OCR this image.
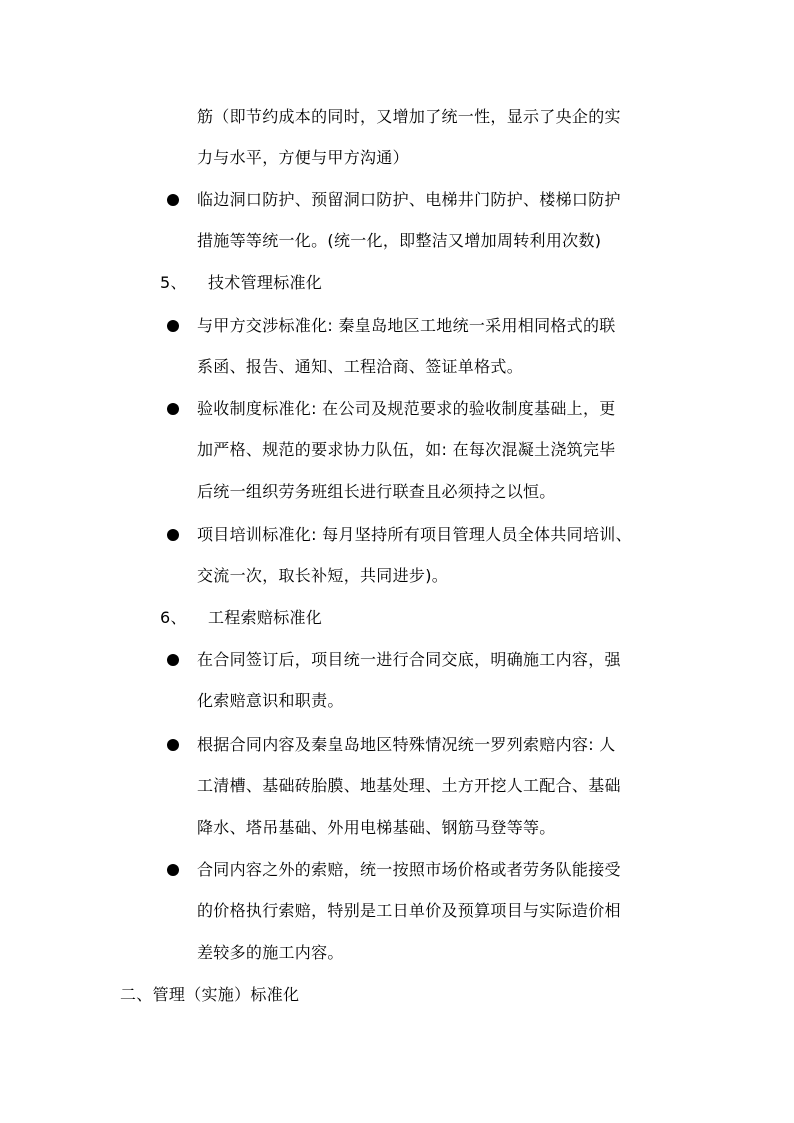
筋（即节约成本的同时，又增加了统一性，显示了央企的实
力与水平，方便与甲方沟通）
临边洞口防护、预留洞口防护、电梯井门防护、楼梯口防护
措施等等统一化。(统一化，即整洁又增加周转利用次数)
5、 技术管理标准化
与甲方交涉标准化: 秦皇岛地区工地统一采用相同格式的联
系函、报告、通知、工程洽商、签证单格式。
验收制度标准化: 在公司及规范要求的验收制度基础上，更
加严格、规范的要求协力队伍，如: 在每次混凝土浇筑完毕
后统一组织劳务班组长进行联查且必须持之以恒。
项目培训标准化: 每月坚持所有项目管理人员全体共同培训、
交流一次，取长补短，共同进步)。
6、 工程索赔标准化
在合同签订后，项目统一进行合同交底，明确施工内容，强
化索赔意识和职责。
根据合同内容及秦皇岛地区特殊情况统一罗列索赔内容: 人
工清槽、基础砖胎膜、地基处理、土方开挖人工配合、基础
降水、塔吊基础、外用电梯基础、钢筋马登等等。
合同内容之外的索赔，统一按照市场价格或者劳务队能接受
的价格执行索赔，特别是工日单价及预算项目与实际造价相
差较多的施工内容。
二、管理（实施）标准化
